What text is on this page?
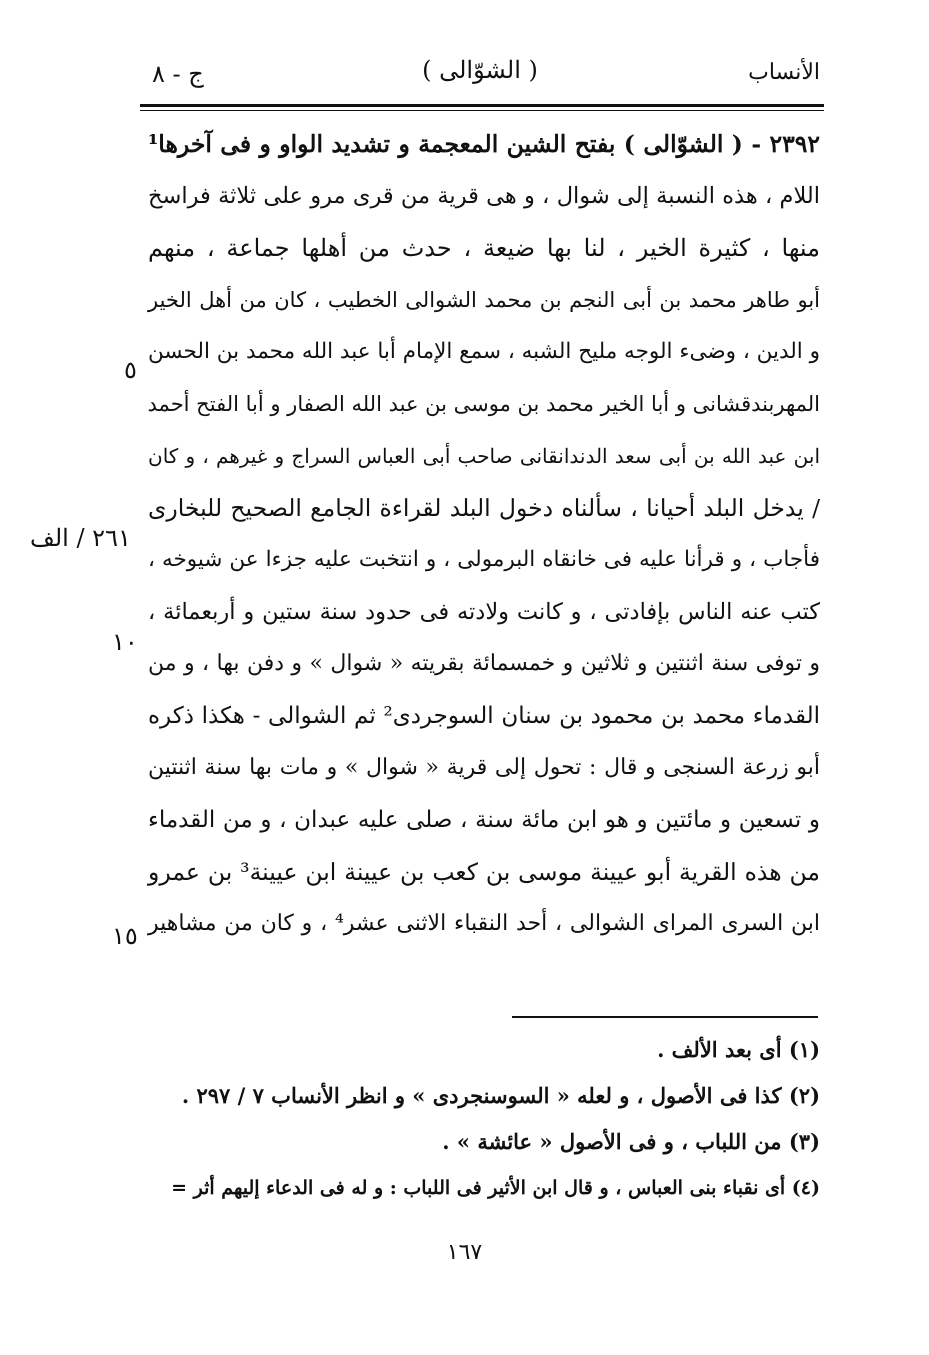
الأنساب
( الشوّالى )
ج - ٨
٢٣٩٢ - ( الشوّالى ) بفتح الشين المعجمة و تشديد الواو و فى آخرها¹
اللام ، هذه النسبة إلى شوال ، و هى قرية من قرى مرو على ثلاثة فراسخ
منها ، كثيرة الخير ، لنا بها ضيعة ، حدث من أهلها جماعة ، منهم
أبو طاهر محمد بن أبى النجم بن محمد الشوالى الخطيب ، كان من أهل الخير
و الدين ، وضىء الوجه مليح الشبه ، سمع الإمام أبا عبد الله محمد بن الحسن
المهربندقشانى و أبا الخير محمد بن موسى بن عبد الله الصفار و أبا الفتح أحمد
ابن عبد الله بن أبى سعد الدندانقانى صاحب أبى العباس السراج و غيرهم ، و كان
/ يدخل البلد أحيانا ، سألناه دخول البلد لقراءة الجامع الصحيح للبخارى
فأجاب ، و قرأنا عليه فى خانقاه البرمولى ، و انتخبت عليه جزءا عن شيوخه ،
كتب عنه الناس بإفادتى ، و كانت ولادته فى حدود سنة ستين و أربعمائة ،
و توفى سنة اثنتين و ثلاثين و خمسمائة بقريته « شوال » و دفن بها ، و من
القدماء محمد بن محمود بن سنان السوجردى² ثم الشوالى - هكذا ذكره
أبو زرعة السنجى و قال : تحول إلى قرية « شوال » و مات بها سنة اثنتين
و تسعين و مائتين و هو ابن مائة سنة ، صلى عليه عبدان ، و من القدماء
من هذه القرية أبو عيينة موسى بن كعب بن عيينة ابن عيينة³ بن عمرو
ابن السرى المراى الشوالى ، أحد النقباء الاثنى عشر⁴ ، و كان من مشاهير
٥
٢٦١ / الف
١٠
١٥
(١) أى بعد الألف .
(٢) كذا فى الأصول ، و لعله « السوسنجردى » و انظر الأنساب ٧ / ٢٩٧ .
(٣) من اللباب ، و فى الأصول « عائشة » .
(٤) أى نقباء بنى العباس ، و قال ابن الأثير فى اللباب : و له فى الدعاء إليهم أثر =
١٦٧
